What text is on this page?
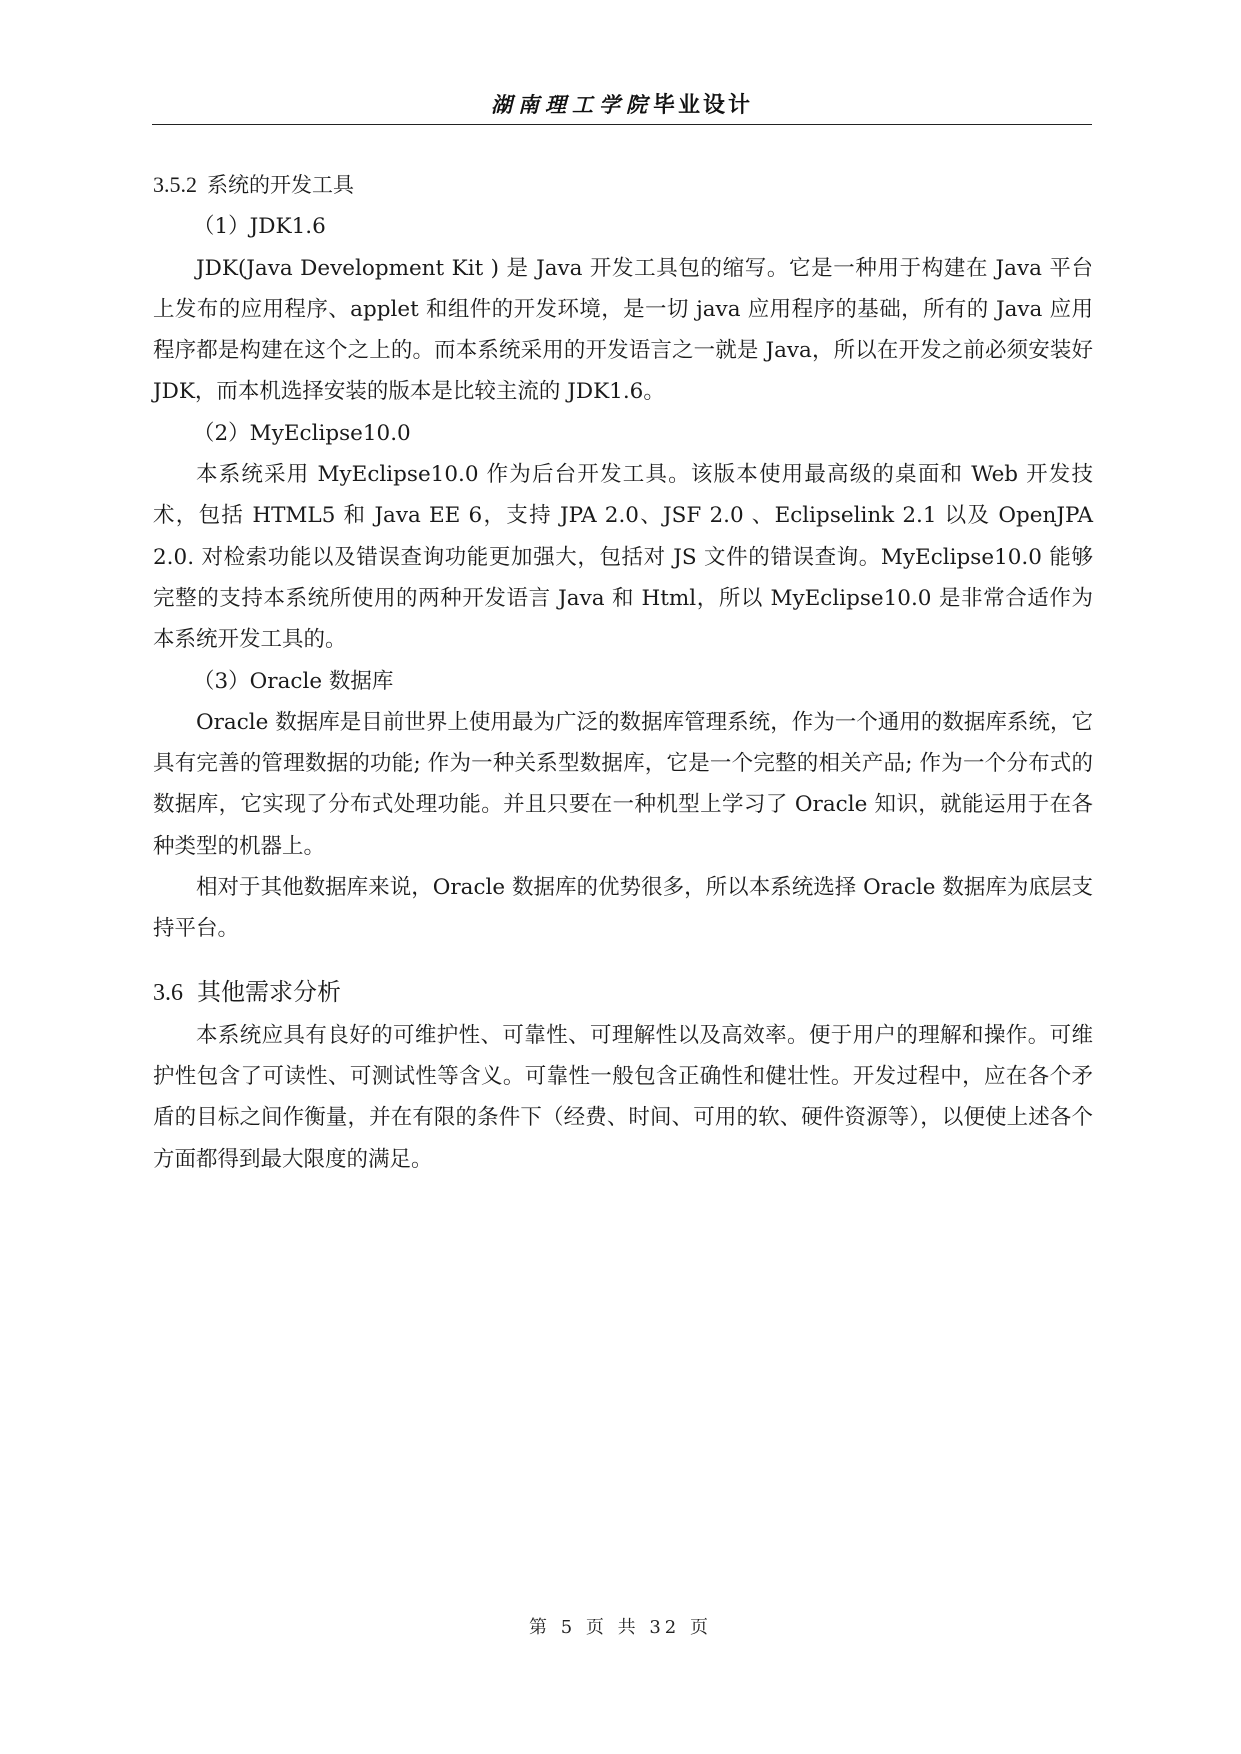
湖南理工学院毕业设计
3.5.2 系统的开发工具
（1）JDK1.6

JDK(Java Development Kit ) 是 Java 开发工具包的缩写。它是一种用于构建在 Java 平台上发布的应用程序、applet 和组件的开发环境，是一切 java 应用程序的基础，所有的 Java 应用程序都是构建在这个之上的。而本系统采用的开发语言之一就是 Java，所以在开发之前必须安装好 JDK，而本机选择安装的版本是比较主流的 JDK1.6。

（2）MyEclipse10.0

本系统采用 MyEclipse10.0 作为后台开发工具。该版本使用最高级的桌面和 Web 开发技术，包括 HTML5 和 Java EE 6，支持 JPA 2.0、JSF 2.0 、Eclipselink 2.1 以及 OpenJPA 2.0. 对检索功能以及错误查询功能更加强大，包括对 JS 文件的错误查询。MyEclipse10.0 能够完整的支持本系统所使用的两种开发语言 Java 和 Html，所以 MyEclipse10.0 是非常合适作为本系统开发工具的。

（3）Oracle 数据库

Oracle 数据库是目前世界上使用最为广泛的数据库管理系统，作为一个通用的数据库系统，它具有完善的管理数据的功能; 作为一种关系型数据库，它是一个完整的相关产品; 作为一个分布式的数据库，它实现了分布式处理功能。并且只要在一种机型上学习了 Oracle 知识，就能运用于在各种类型的机器上。

相对于其他数据库来说，Oracle 数据库的优势很多，所以本系统选择 Oracle 数据库为底层支持平台。

3.6 其他需求分析

本系统应具有良好的可维护性、可靠性、可理解性以及高效率。便于用户的理解和操作。可维护性包含了可读性、可测试性等含义。可靠性一般包含正确性和健壮性。开发过程中，应在各个矛盾的目标之间作衡量，并在有限的条件下（经费、时间、可用的软、硬件资源等），以便使上述各个方面都得到最大限度的满足。

第 5 页 共 32 页
